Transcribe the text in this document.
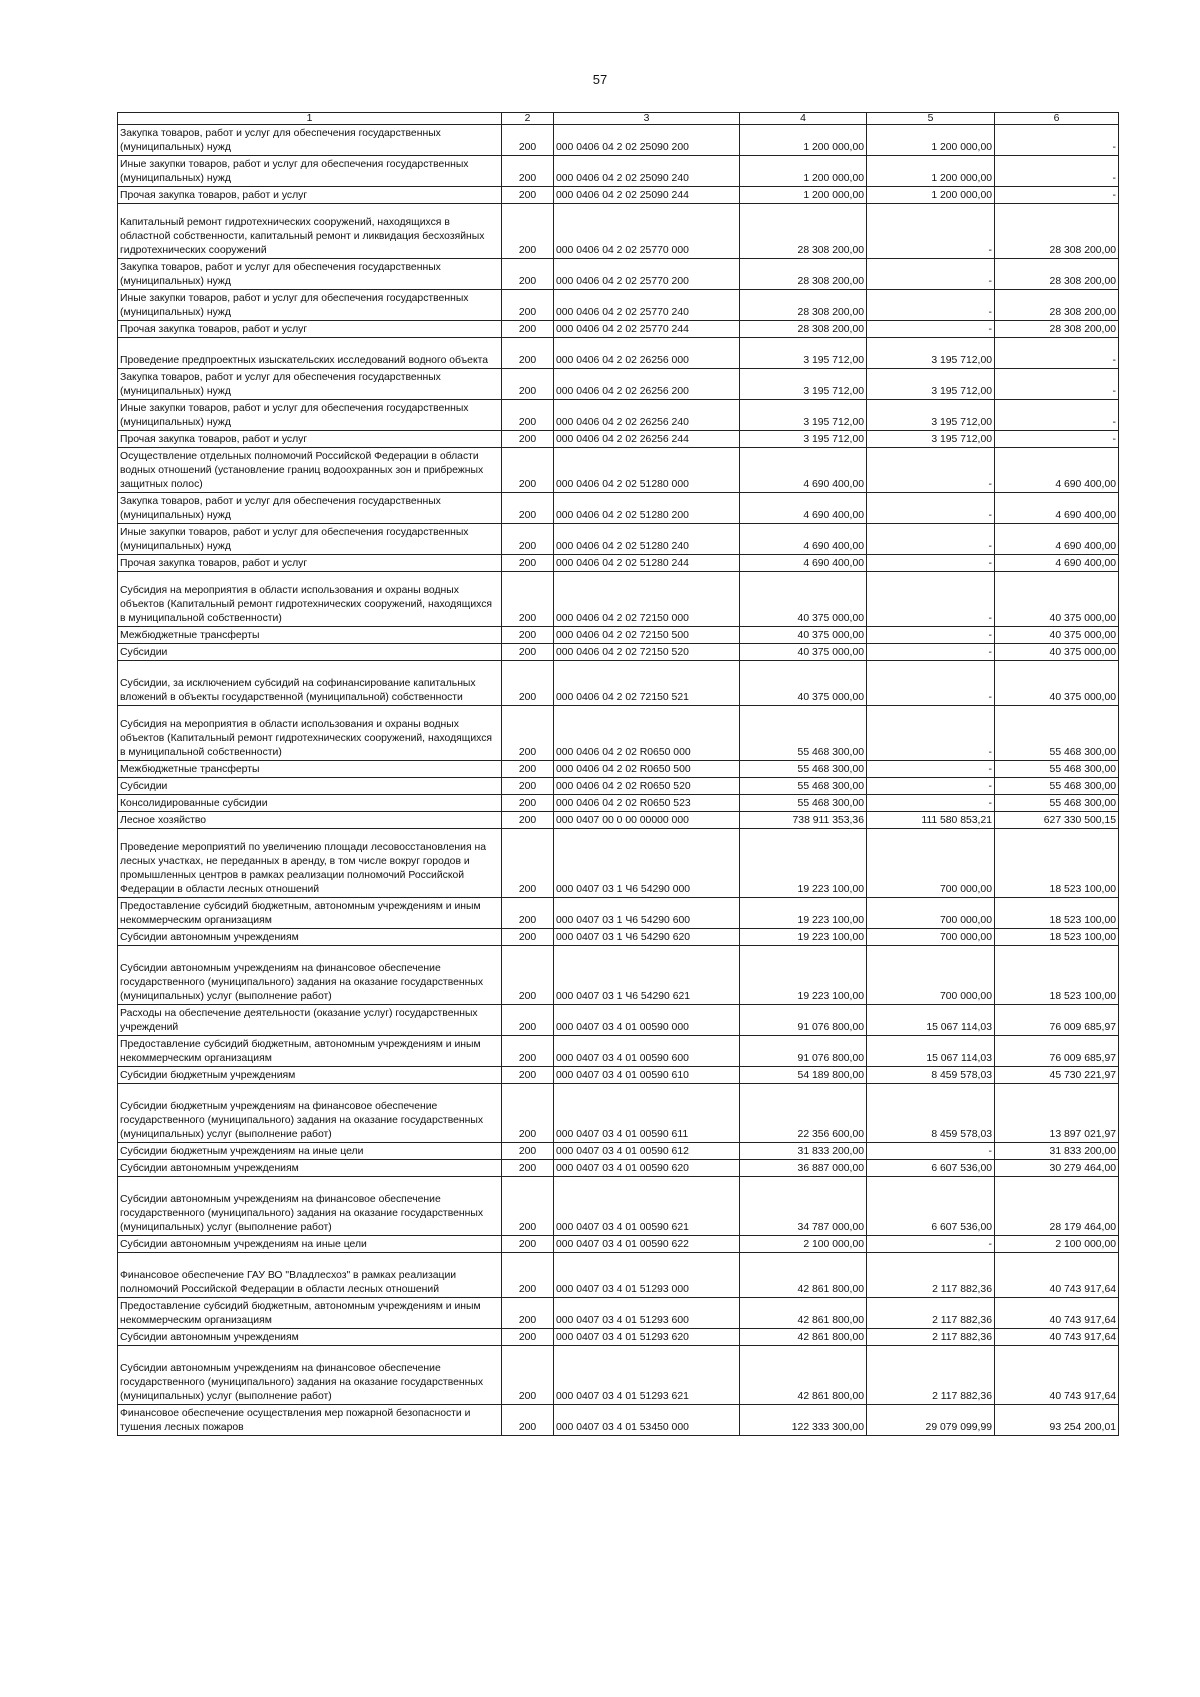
57
1	2	3	4	5	6
Закупка товаров, работ и услуг для обеспечения государственных (муниципальных) нужд	200	000 0406 04 2 02 25090 200	1 200 000,00	1 200 000,00	-
Иные закупки товаров, работ и услуг для обеспечения государственных (муниципальных) нужд	200	000 0406 04 2 02 25090 240	1 200 000,00	1 200 000,00	-
Прочая закупка товаров, работ и услуг	200	000 0406 04 2 02 25090 244	1 200 000,00	1 200 000,00	-
Капитальный ремонт гидротехнических сооружений, находящихся в областной собственности, капитальный ремонт и ликвидация бесхозяйных гидротехнических сооружений	200	000 0406 04 2 02 25770 000	28 308 200,00	-	28 308 200,00
Закупка товаров, работ и услуг для обеспечения государственных (муниципальных) нужд	200	000 0406 04 2 02 25770 200	28 308 200,00	-	28 308 200,00
Иные закупки товаров, работ и услуг для обеспечения государственных (муниципальных) нужд	200	000 0406 04 2 02 25770 240	28 308 200,00	-	28 308 200,00
Прочая закупка товаров, работ и услуг	200	000 0406 04 2 02 25770 244	28 308 200,00	-	28 308 200,00
Проведение предпроектных изыскательских исследований водного объекта	200	000 0406 04 2 02 26256 000	3 195 712,00	3 195 712,00	-
Закупка товаров, работ и услуг для обеспечения государственных (муниципальных) нужд	200	000 0406 04 2 02 26256 200	3 195 712,00	3 195 712,00	-
Иные закупки товаров, работ и услуг для обеспечения государственных (муниципальных) нужд	200	000 0406 04 2 02 26256 240	3 195 712,00	3 195 712,00	-
Прочая закупка товаров, работ и услуг	200	000 0406 04 2 02 26256 244	3 195 712,00	3 195 712,00	-
Осуществление отдельных полномочий Российской Федерации в области водных отношений (установление границ водоохранных зон и прибрежных защитных полос)	200	000 0406 04 2 02 51280 000	4 690 400,00	-	4 690 400,00
Закупка товаров, работ и услуг для обеспечения государственных (муниципальных) нужд	200	000 0406 04 2 02 51280 200	4 690 400,00	-	4 690 400,00
Иные закупки товаров, работ и услуг для обеспечения государственных (муниципальных) нужд	200	000 0406 04 2 02 51280 240	4 690 400,00	-	4 690 400,00
Прочая закупка товаров, работ и услуг	200	000 0406 04 2 02 51280 244	4 690 400,00	-	4 690 400,00
Субсидия на мероприятия в области использования и охраны водных объектов (Капитальный ремонт гидротехнических сооружений, находящихся в муниципальной собственности)	200	000 0406 04 2 02 72150 000	40 375 000,00	-	40 375 000,00
Межбюджетные трансферты	200	000 0406 04 2 02 72150 500	40 375 000,00	-	40 375 000,00
Субсидии	200	000 0406 04 2 02 72150 520	40 375 000,00	-	40 375 000,00
Субсидии, за исключением субсидий на софинансирование капитальных вложений в объекты государственной (муниципальной) собственности	200	000 0406 04 2 02 72150 521	40 375 000,00	-	40 375 000,00
Субсидия на мероприятия в области использования и охраны водных объектов (Капитальный ремонт гидротехнических сооружений, находящихся в муниципальной собственности)	200	000 0406 04 2 02 R0650 000	55 468 300,00	-	55 468 300,00
Межбюджетные трансферты	200	000 0406 04 2 02 R0650 500	55 468 300,00	-	55 468 300,00
Субсидии	200	000 0406 04 2 02 R0650 520	55 468 300,00	-	55 468 300,00
Консолидированные субсидии	200	000 0406 04 2 02 R0650 523	55 468 300,00	-	55 468 300,00
Лесное хозяйство	200	000 0407 00 0 00 00000 000	738 911 353,36	111 580 853,21	627 330 500,15
Проведение мероприятий по увеличению площади лесовосстановления на лесных участках, не переданных в аренду, в том числе вокруг городов и промышленных центров в рамках реализации полномочий Российской Федерации в области лесных отношений	200	000 0407 03 1 Ч6 54290 000	19 223 100,00	700 000,00	18 523 100,00
Предоставление субсидий бюджетным, автономным учреждениям и иным некоммерческим организациям	200	000 0407 03 1 Ч6 54290 600	19 223 100,00	700 000,00	18 523 100,00
Субсидии автономным учреждениям	200	000 0407 03 1 Ч6 54290 620	19 223 100,00	700 000,00	18 523 100,00
Субсидии автономным учреждениям на финансовое обеспечение государственного (муниципального) задания на оказание государственных (муниципальных) услуг (выполнение работ)	200	000 0407 03 1 Ч6 54290 621	19 223 100,00	700 000,00	18 523 100,00
Расходы на обеспечение деятельности (оказание услуг) государственных учреждений	200	000 0407 03 4 01 00590 000	91 076 800,00	15 067 114,03	76 009 685,97
Предоставление субсидий бюджетным, автономным учреждениям и иным некоммерческим организациям	200	000 0407 03 4 01 00590 600	91 076 800,00	15 067 114,03	76 009 685,97
Субсидии бюджетным учреждениям	200	000 0407 03 4 01 00590 610	54 189 800,00	8 459 578,03	45 730 221,97
Субсидии бюджетным учреждениям на финансовое обеспечение государственного (муниципального) задания на оказание государственных (муниципальных) услуг (выполнение работ)	200	000 0407 03 4 01 00590 611	22 356 600,00	8 459 578,03	13 897 021,97
Субсидии бюджетным учреждениям на иные цели	200	000 0407 03 4 01 00590 612	31 833 200,00	-	31 833 200,00
Субсидии автономным учреждениям	200	000 0407 03 4 01 00590 620	36 887 000,00	6 607 536,00	30 279 464,00
Субсидии автономным учреждениям на финансовое обеспечение государственного (муниципального) задания на оказание государственных (муниципальных) услуг (выполнение работ)	200	000 0407 03 4 01 00590 621	34 787 000,00	6 607 536,00	28 179 464,00
Субсидии автономным учреждениям на иные цели	200	000 0407 03 4 01 00590 622	2 100 000,00	-	2 100 000,00
Финансовое обеспечение ГАУ ВО "Владлесхоз" в рамках реализации полномочий Российской Федерации в области лесных отношений	200	000 0407 03 4 01 51293 000	42 861 800,00	2 117 882,36	40 743 917,64
Предоставление субсидий бюджетным, автономным учреждениям и иным некоммерческим организациям	200	000 0407 03 4 01 51293 600	42 861 800,00	2 117 882,36	40 743 917,64
Субсидии автономным учреждениям	200	000 0407 03 4 01 51293 620	42 861 800,00	2 117 882,36	40 743 917,64
Субсидии автономным учреждениям на финансовое обеспечение государственного (муниципального) задания на оказание государственных (муниципальных) услуг (выполнение работ)	200	000 0407 03 4 01 51293 621	42 861 800,00	2 117 882,36	40 743 917,64
Финансовое обеспечение осуществления мер пожарной безопасности и тушения лесных пожаров	200	000 0407 03 4 01 53450 000	122 333 300,00	29 079 099,99	93 254 200,01
